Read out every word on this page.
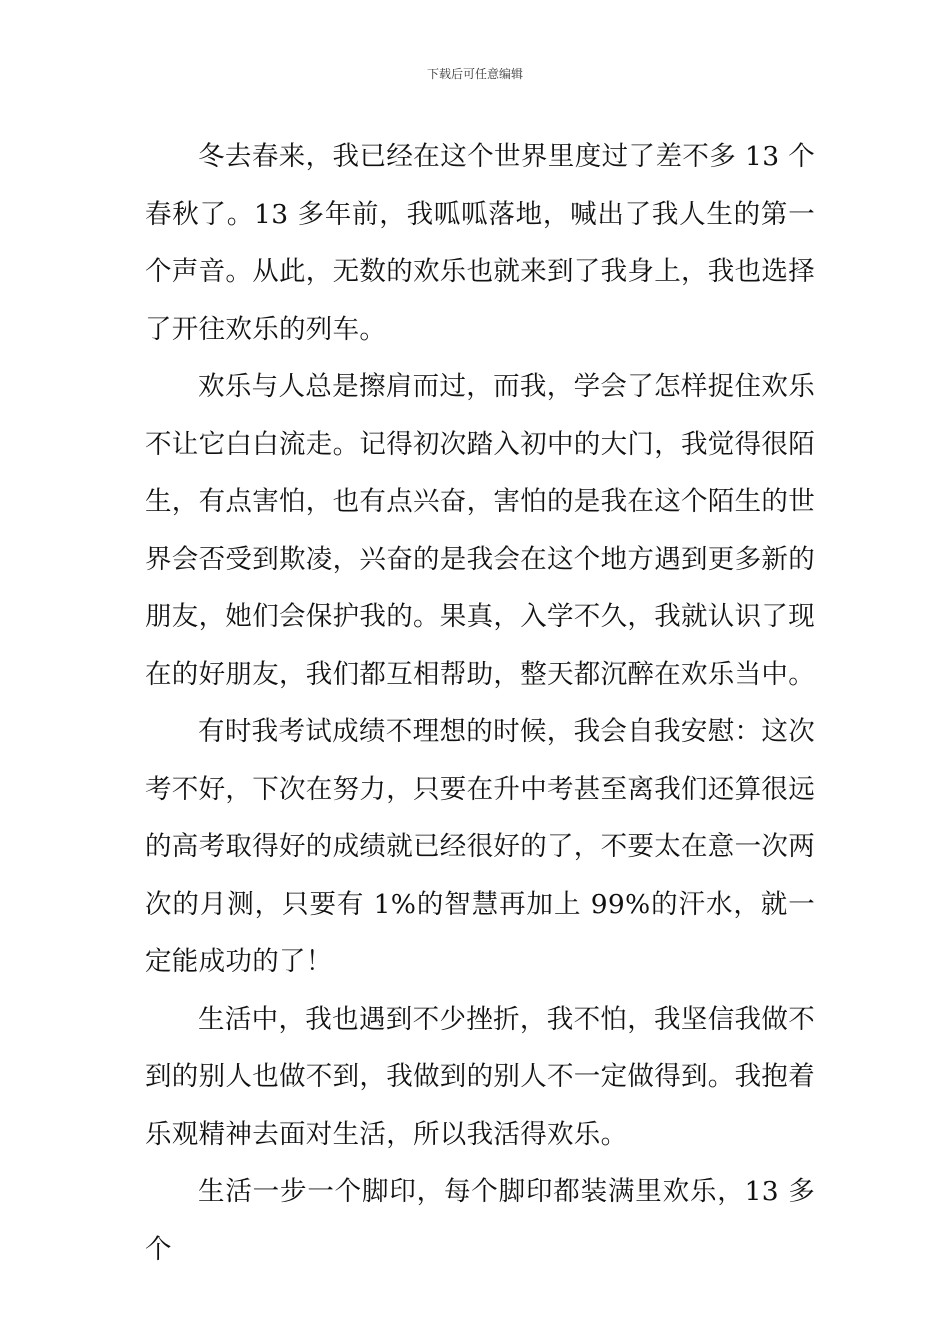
下载后可任意编辑

冬去春来，我已经在这个世界里度过了差不多 13 个春秋了。13 多年前，我呱呱落地，喊出了我人生的第一个声音。从此，无数的欢乐也就来到了我身上，我也选择了开往欢乐的列车。

欢乐与人总是擦肩而过，而我，学会了怎样捉住欢乐不让它白白流走。记得初次踏入初中的大门，我觉得很陌生，有点害怕，也有点兴奋，害怕的是我在这个陌生的世界会否受到欺凌，兴奋的是我会在这个地方遇到更多新的朋友，她们会保护我的。果真，入学不久，我就认识了现在的好朋友，我们都互相帮助，整天都沉醉在欢乐当中。

有时我考试成绩不理想的时候，我会自我安慰：这次考不好，下次在努力，只要在升中考甚至离我们还算很远的高考取得好的成绩就已经很好的了，不要太在意一次两次的月测，只要有 1%的智慧再加上 99%的汗水，就一定能成功的了！

生活中，我也遇到不少挫折，我不怕，我坚信我做不到的别人也做不到，我做到的别人不一定做得到。我抱着乐观精神去面对生活，所以我活得欢乐。

生活一步一个脚印，每个脚印都装满里欢乐，13 多个
